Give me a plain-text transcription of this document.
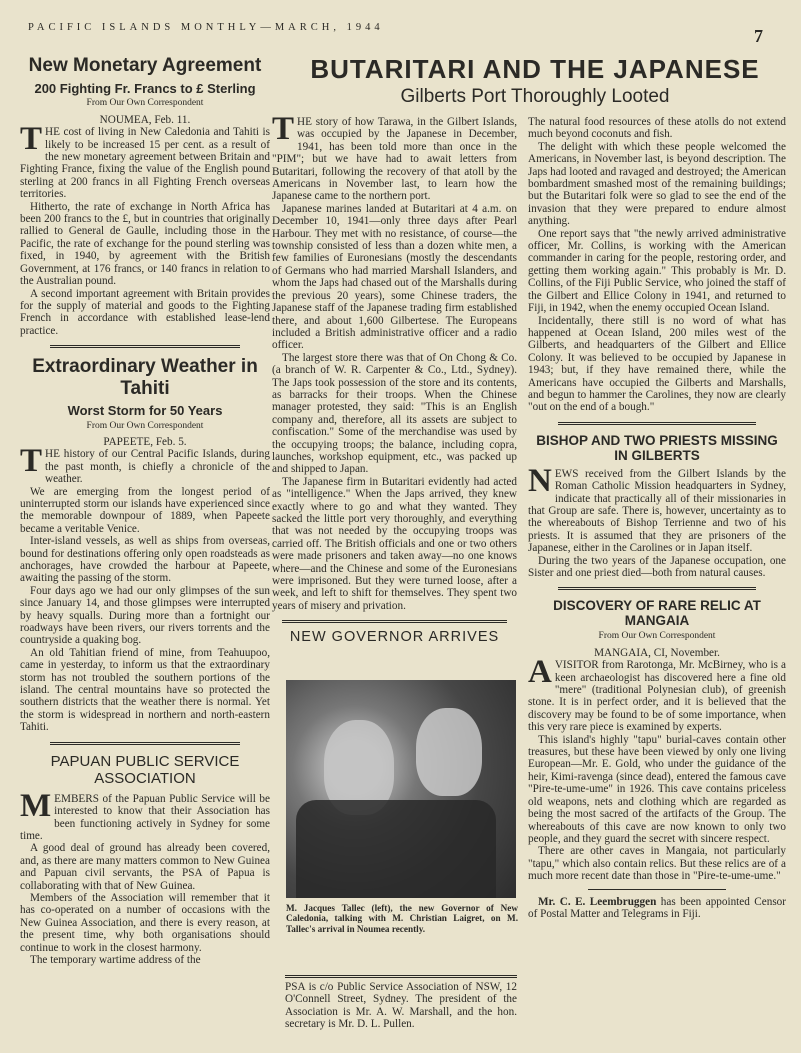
PACIFIC ISLANDS MONTHLY—MARCH, 1944	7
New Monetary Agreement
200 Fighting Fr. Francs to £ Sterling
From Our Own Correspondent

NOUMEA, Feb. 11.

THE cost of living in New Caledonia and Tahiti is likely to be increased 15 per cent. as a result of the new monetary agreement between Britain and Fighting France, fixing the value of the English pound sterling at 200 francs in all Fighting French overseas territories.

Hitherto, the rate of exchange in North Africa has been 200 francs to the £, but in countries that originally rallied to General de Gaulle, including those in the Pacific, the rate of exchange for the pound sterling was fixed, in 1940, by agreement with the British Government, at 176 francs, or 140 francs in relation to the Australian pound.

A second important agreement with Britain provides for the supply of material and goods to the Fighting French in accordance with established lease-lend practice.

Extraordinary Weather in Tahiti
Worst Storm for 50 Years
From Our Own Correspondent

PAPEETE, Feb. 5.

THE history of our Central Pacific Islands, during the past month, is chiefly a chronicle of the weather.

We are emerging from the longest period of uninterrupted storm our islands have experienced since the memorable downpour of 1889, when Papeete became a veritable Venice.

Inter-island vessels, as well as ships from overseas, bound for destinations offering only open roadsteads as anchorages, have crowded the harbour at Papeete, awaiting the passing of the storm.

Four days ago we had our only glimpses of the sun since January 14, and those glimpses were interrupted by heavy squalls. During more than a fortnight our roadways have been rivers, our rivers torrents and the countryside a quaking bog.

An old Tahitian friend of mine, from Teahuupoo, came in yesterday, to inform us that the extraordinary storm has not troubled the southern portions of the island. The central mountains have so protected the southern districts that the weather there is normal. Yet the storm is widespread in northern and north-eastern Tahiti.

PAPUAN PUBLIC SERVICE ASSOCIATION

MEMBERS of the Papuan Public Service will be interested to know that their Association has been functioning actively in Sydney for some time.

A good deal of ground has already been covered, and, as there are many matters common to New Guinea and Papuan civil servants, the PSA of Papua is collaborating with that of New Guinea.

Members of the Association will remember that it has co-operated on a number of occasions with the New Guinea Association, and there is every reason, at the present time, why both organisations should continue to work in the closest harmony.

The temporary wartime address of the

BUTARITARI AND THE JAPANESE
Gilberts Port Thoroughly Looted

THE story of how Tarawa, in the Gilbert Islands, was occupied by the Japanese in December, 1941, has been told more than once in the "PIM"; but we have had to await letters from Butaritari, following the recovery of that atoll by the Americans in November last, to learn how the Japanese came to the northern port.

Japanese marines landed at Butaritari at 4 a.m. on December 10, 1941—only three days after Pearl Harbour. They met with no resistance, of course—the township consisted of less than a dozen white men, a few families of Euronesians (mostly the descendants of Germans who had married Marshall Islanders, and whom the Japs had chased out of the Marshalls during the previous 20 years), some Chinese traders, the Japanese staff of the Japanese trading firm established there, and about 1,600 Gilbertese. The Europeans included a British administrative officer and a radio officer.

The largest store there was that of On Chong & Co. (a branch of W. R. Carpenter & Co., Ltd., Sydney). The Japs took possession of the store and its contents, as barracks for their troops. When the Chinese manager protested, they said: "This is an English company and, therefore, all its assets are subject to confiscation." Some of the merchandise was used by the occupying troops; the balance, including copra, launches, workshop equipment, etc., was packed up and shipped to Japan.

The Japanese firm in Butaritari evidently had acted as "intelligence." When the Japs arrived, they knew exactly where to go and what they wanted. They sacked the little port very thoroughly, and everything that was not needed by the occupying troops was carried off. The British officials and one or two others were made prisoners and taken away—no one knows where—and the Chinese and some of the Euronesians were imprisoned. But they were turned loose, after a week, and left to shift for themselves. They spent two years of misery and privation.

NEW GOVERNOR ARRIVES
M. Jacques Tallec (left), the new Governor of New Caledonia, talking with M. Christian Laigret, on M. Tallec's arrival in Noumea recently.

PSA is c/o Public Service Association of NSW, 12 O'Connell Street, Sydney. The president of the Association is Mr. A. W. Marshall, and the hon. secretary is Mr. D. L. Pullen.

The natural food resources of these atolls do not extend much beyond coconuts and fish.

The delight with which these people welcomed the Americans, in November last, is beyond description. The Japs had looted and ravaged and destroyed; the American bombardment smashed most of the remaining buildings; but the Butaritari folk were so glad to see the end of the invasion that they were prepared to endure almost anything.

One report says that "the newly arrived administrative officer, Mr. Collins, is working with the American commander in caring for the people, restoring order, and getting them working again." This probably is Mr. D. Collins, of the Fiji Public Service, who joined the staff of the Gilbert and Ellice Colony in 1941, and returned to Fiji, in 1942, when the enemy occupied Ocean Island.

Incidentally, there still is no word of what has happened at Ocean Island, 200 miles west of the Gilberts, and headquarters of the Gilbert and Ellice Colony. It was believed to be occupied by Japanese in 1943; but, if they have remained there, while the Americans have occupied the Gilberts and Marshalls, and begun to hammer the Carolines, they now are clearly "out on the end of a bough."

BISHOP AND TWO PRIESTS MISSING IN GILBERTS

NEWS received from the Gilbert Islands by the Roman Catholic Mission headquarters in Sydney, indicate that practically all of their missionaries in that Group are safe. There is, however, uncertainty as to the whereabouts of Bishop Terrienne and two of his priests. It is assumed that they are prisoners of the Japanese, either in the Carolines or in Japan itself.

During the two years of the Japanese occupation, one Sister and one priest died—both from natural causes.

DISCOVERY OF RARE RELIC AT MANGAIA
From Our Own Correspondent

MANGAIA, CI, November.

AVISITOR from Rarotonga, Mr. McBirney, who is a keen archaeologist has discovered here a fine old "mere" (traditional Polynesian club), of greenish stone. It is in perfect order, and it is believed that the discovery may be found to be of some importance, when this very rare piece is examined by experts.

This island's highly "tapu" burial-caves contain other treasures, but these have been viewed by only one living European—Mr. E. Gold, who under the guidance of the heir, Kimi-ravenga (since dead), entered the famous cave "Pire-te-ume-ume" in 1926. This cave contains priceless old weapons, nets and clothing which are regarded as being the most sacred of the artifacts of the Group. The whereabouts of this cave are now known to only two people, and they guard the secret with sincere respect.

There are other caves in Mangaia, not particularly "tapu," which also contain relics. But these relics are of a much more recent date than those in "Pire-te-ume-ume."

Mr. C. E. Leembruggen has been appointed Censor of Postal Matter and Telegrams in Fiji.
